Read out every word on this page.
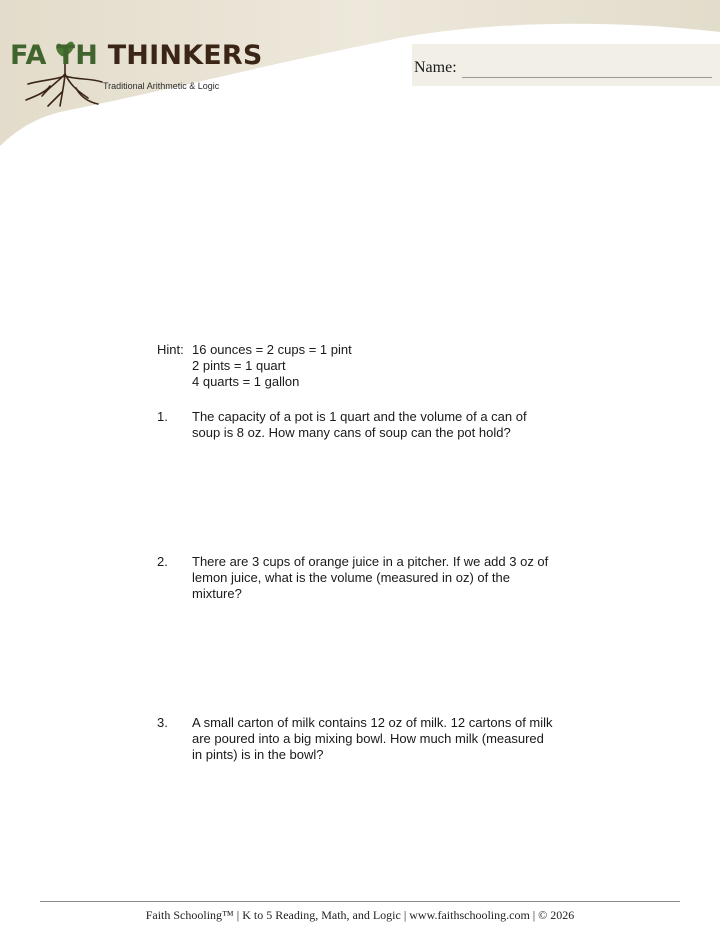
FA TH THINKERS
Traditional Arithmetic & Logic
Name:
Hint: 16 ounces = 2 cups = 1 pint
2 pints = 1 quart
4 quarts = 1 gallon
1. The capacity of a pot is 1 quart and the volume of a can of
soup is 8 oz. How many cans of soup can the pot hold?
2. There are 3 cups of orange juice in a pitcher. If we add 3 oz of
lemon juice, what is the volume (measured in oz) of the
mixture?
3. A small carton of milk contains 12 oz of milk. 12 cartons of milk
are poured into a big mixing bowl. How much milk (measured
in pints) is in the bowl?
Faith Schooling™ | K to 5 Reading, Math, and Logic | www.faithschooling.com | © 2026
